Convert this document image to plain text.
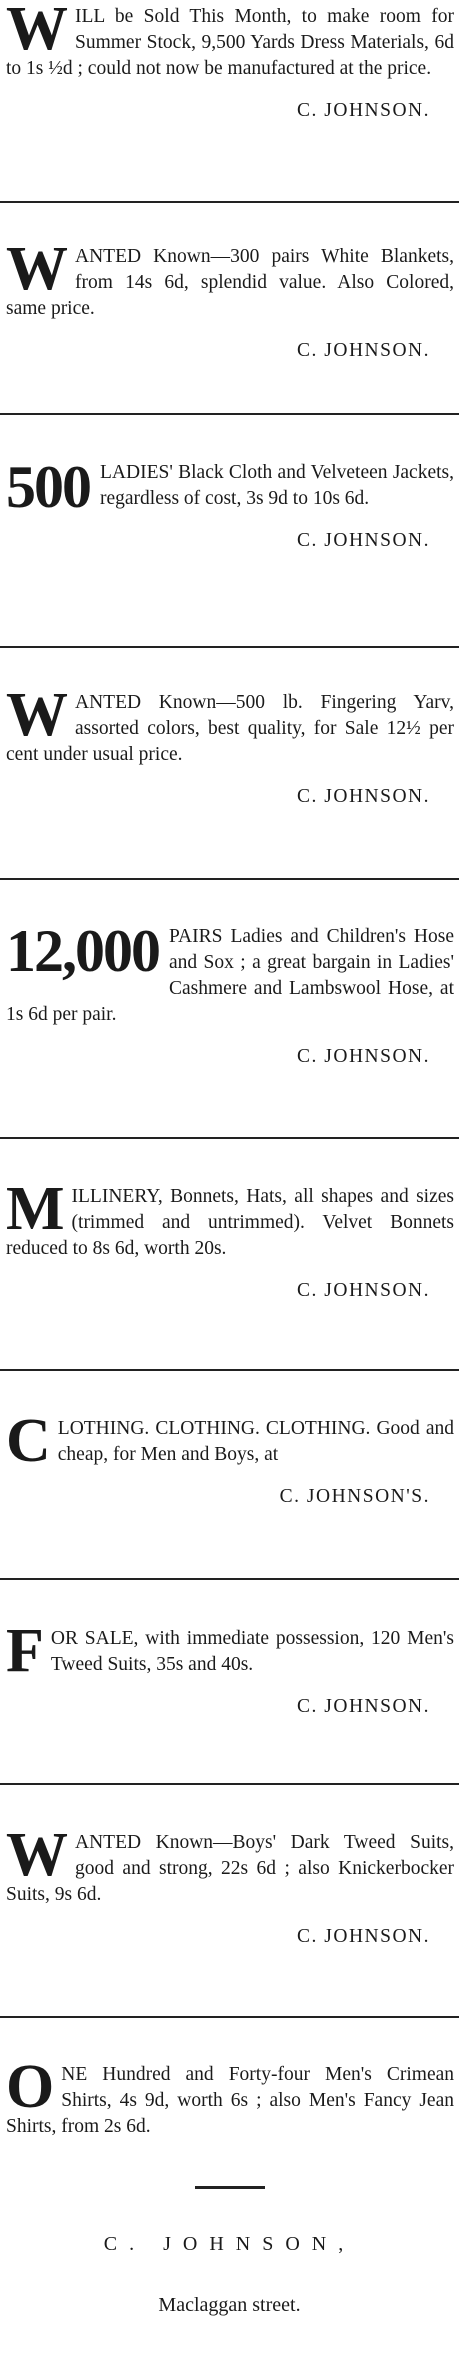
W ILL be Sold This Month, to make room for Summer Stock, 9,500 Yards Dress Materials, 6d to 1s ½d ; could not now be manufactured at the price.

C. JOHNSON.

W ANTED Known—300 pairs White Blankets, from 14s 6d, splendid value. Also Colored, same price.

C. JOHNSON.

500 LADIES' Black Cloth and Velveteen Jackets, regardless of cost, 3s 9d to 10s 6d.

C. JOHNSON.

W ANTED Known—500 lb. Fingering Yarv, assorted colors, best quality, for Sale 12½ per cent under usual price.

C. JOHNSON.

12,000 PAIRS Ladies and Children's Hose and Sox ; a great bargain in Ladies' Cashmere and Lambswool Hose, at 1s 6d per pair.

C. JOHNSON.

M ILLINERY, Bonnets, Hats, all shapes and sizes (trimmed and untrimmed). Velvet Bonnets reduced to 8s 6d, worth 20s.

C. JOHNSON.

C LOTHING. CLOTHING. CLOTHING. Good and cheap, for Men and Boys, at

C. JOHNSON'S.

F OR SALE, with immediate possession, 120 Men's Tweed Suits, 35s and 40s.

C. JOHNSON.

W ANTED Known—Boys' Dark Tweed Suits, good and strong, 22s 6d ; also Knickerbocker Suits, 9s 6d.

C. JOHNSON.

O NE Hundred and Forty-four Men's Crimean Shirts, 4s 9d, worth 6s ; also Men's Fancy Jean Shirts, from 2s 6d.

C. JOHNSON,
Maclaggan street.
